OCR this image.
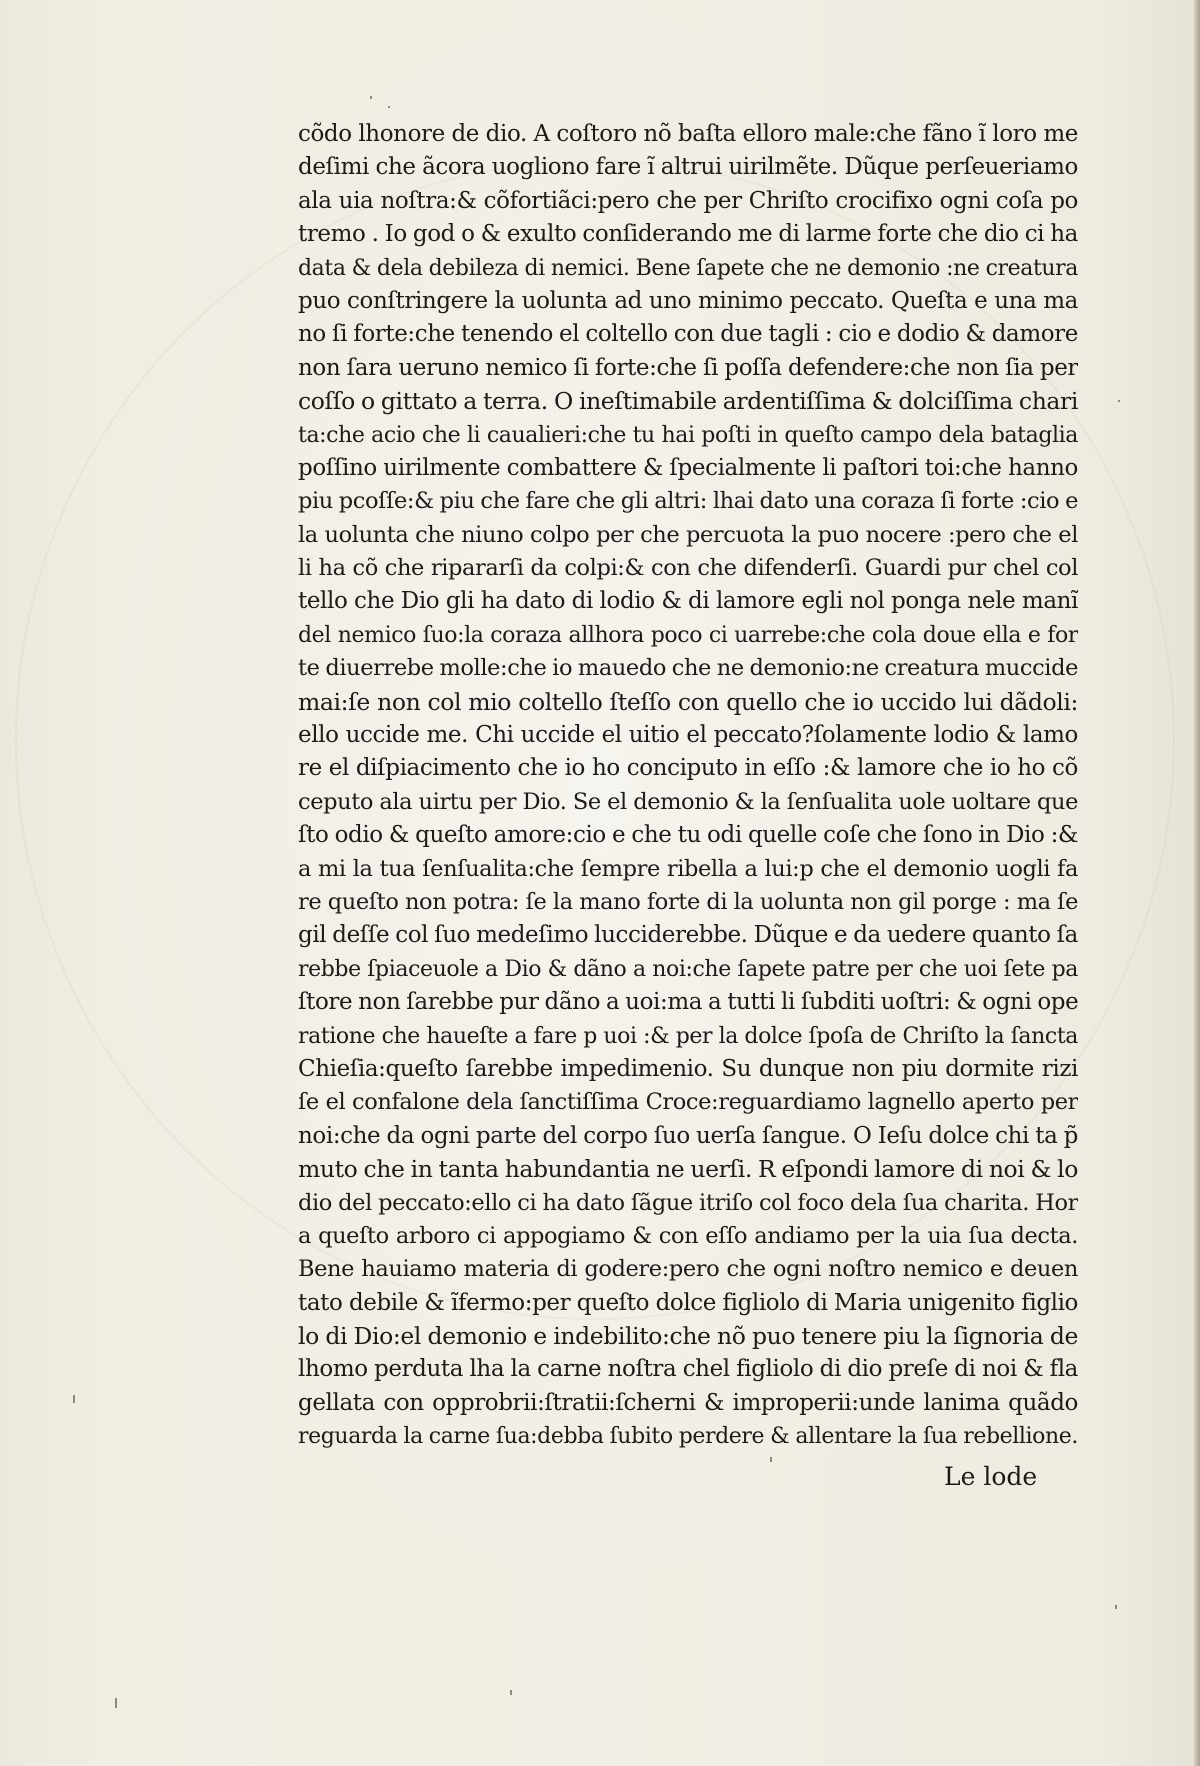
cõdo lhonore de dio. A coſtoro nõ baſta elloro male:che fãno ĩ loro me
deſimi che ãcora uogliono fare ĩ altrui uirilmẽte. Dũque perſeueriamo
ala uia noſtra:& cõfortiãci:pero che per Chriſto crocifixo ogni coſa po
tremo . Io god o & exulto conſiderando me di larme forte che dio ci ha
data & dela debileza di nemici. Bene ſapete che ne demonio :ne creatura
puo conſtringere la uolunta ad uno minimo peccato. Queſta e una ma
no ſi forte:che tenendo el coltello con due tagli : cio e dodio & damore
non ſara ueruno nemico ſi forte:che ſi poſſa defendere:che non ſia per
coſſo o gittato a terra. O ineſtimabile ardentiſſima & dolciſſima chari
ta:che acio che li caualieri:che tu hai poſti in queſto campo dela bataglia
poſſino uirilmente combattere & ſpecialmente li paſtori toi:che hanno
piu pcoſſe:& piu che fare che gli altri: lhai dato una coraza ſi forte :cio e
la uolunta che niuno colpo per che percuota la puo nocere :pero che el
li ha cõ che ripararſi da colpi:& con che difenderſi. Guardi pur chel col
tello che Dio gli ha dato di lodio & di lamore egli nol ponga nele manĩ
del nemico ſuo:la coraza allhora poco ci uarrebe:che cola doue ella e for
te diuerrebe molle:che io mauedo che ne demonio:ne creatura muccide
mai:ſe non col mio coltello ſteſſo con quello che io uccido lui dãdoli:
ello uccide me. Chi uccide el uitio el peccato?ſolamente lodio & lamo
re el diſpiacimento che io ho conciputo in eſſo :& lamore che io ho cõ
ceputo ala uirtu per Dio. Se el demonio & la ſenſualita uole uoltare que
ſto odio & queſto amore:cio e che tu odi quelle coſe che ſono in Dio :&
a mi la tua ſenſualita:che ſempre ribella a lui:p che el demonio uogli fa
re queſto non potra: ſe la mano forte di la uolunta non gil porge : ma ſe
gil deſſe col ſuo medeſimo lucciderebbe. Dũque e da uedere quanto ſa
rebbe ſpiaceuole a Dio & dãno a noi:che ſapete patre per che uoi ſete pa
ſtore non ſarebbe pur dãno a uoi:ma a tutti li ſubditi uoſtri: & ogni ope
ratione che haueſte a fare p uoi :& per la dolce ſpoſa de Chriſto la ſancta
Chieſia:queſto ſarebbe impedimenio. Su dunque non piu dormite rizi
ſe el confalone dela ſanctiſſima Croce:reguardiamo lagnello aperto per
noi:che da ogni parte del corpo ſuo uerſa ſangue. O Ieſu dolce chi ta p̃
muto che in tanta habundantia ne uerſi. R eſpondi lamore di noi & lo
dio del peccato:ello ci ha dato ſãgue itriſo col foco dela ſua charita. Hor
a queſto arboro ci appogiamo & con eſſo andiamo per la uia ſua decta.
Bene hauiamo materia di godere:pero che ogni noſtro nemico e deuen
tato debile & ĩfermo:per queſto dolce figliolo di Maria unigenito figlio
lo di Dio:el demonio e indebilito:che nõ puo tenere piu la ſignoria de
lhomo perduta lha la carne noſtra chel figliolo di dio preſe di noi & fla
gellata con opprobrii:ſtratii:ſcherni & improperii:unde lanima quãdo
reguarda la carne ſua:debba ſubito perdere & allentare la ſua rebellione.
Le lode
